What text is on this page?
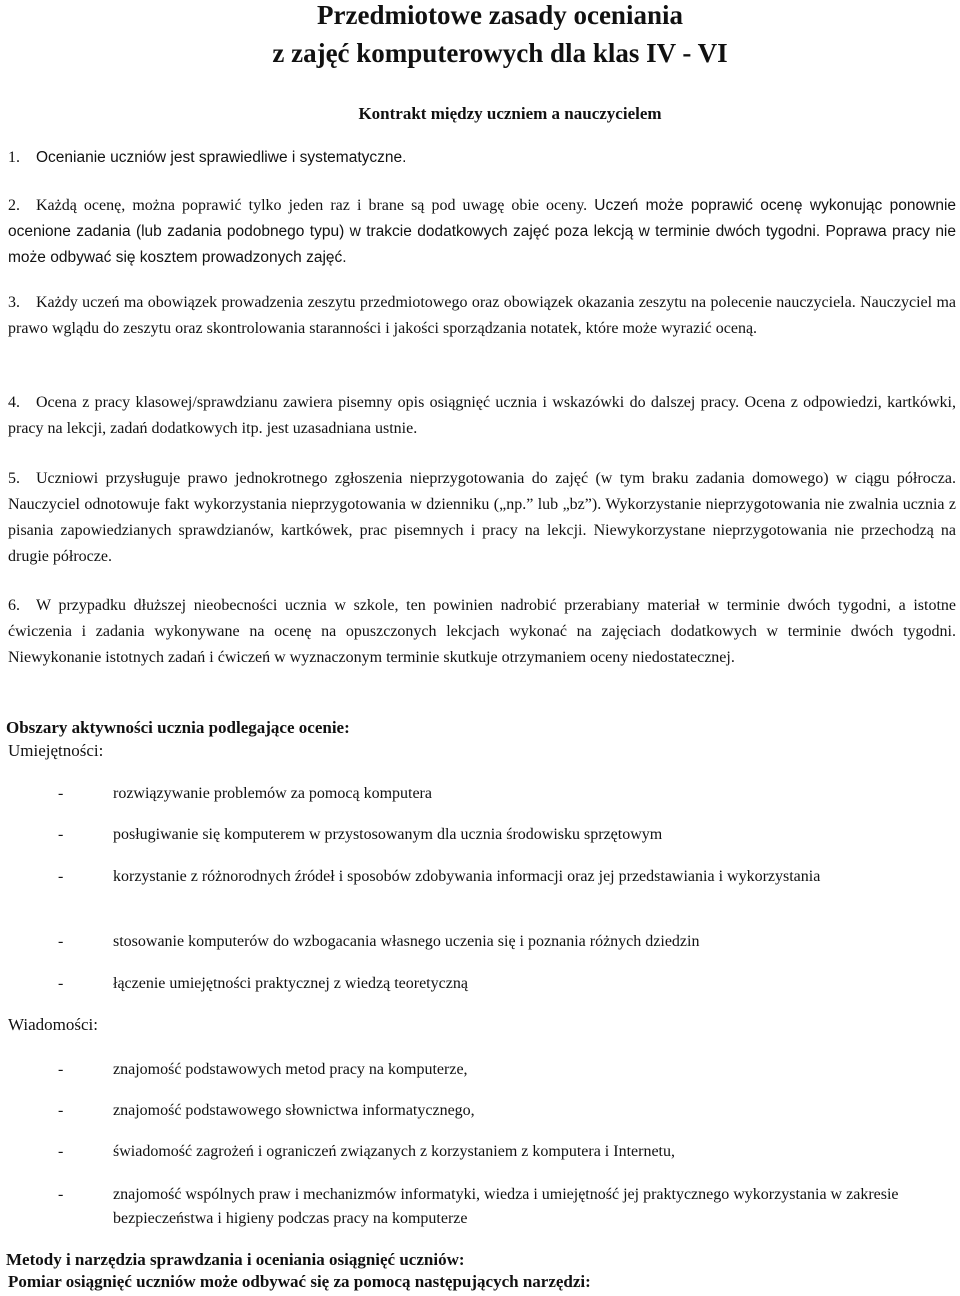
Przedmiotowe zasady oceniania
z zajęć komputerowych dla klas IV - VI
Kontrakt między uczniem a nauczycielem
1. Ocenianie uczniów jest sprawiedliwe i systematyczne.
2. Każdą ocenę, można poprawić tylko jeden raz i brane są pod uwagę obie oceny. Uczeń może poprawić ocenę wykonując ponownie ocenione zadania (lub zadania podobnego typu) w trakcie dodatkowych zajęć poza lekcją w terminie dwóch tygodni. Poprawa pracy nie może odbywać się kosztem prowadzonych zajęć.
3. Każdy uczeń ma obowiązek prowadzenia zeszytu przedmiotowego oraz obowiązek okazania zeszytu na polecenie nauczyciela. Nauczyciel ma prawo wglądu do zeszytu oraz skontrolowania staranności i jakości sporządzania notatek, które może wyrazić oceną.
4. Ocena z pracy klasowej/sprawdzianu zawiera pisemny opis osiągnięć ucznia i wskazówki do dalszej pracy. Ocena z odpowiedzi, kartkówki, pracy na lekcji, zadań dodatkowych itp. jest uzasadniana ustnie.
5. Uczniowi przysługuje prawo jednokrotnego zgłoszenia nieprzygotowania do zajęć (w tym braku zadania domowego) w ciągu półrocza. Nauczyciel odnotowuje fakt wykorzystania nieprzygotowania w dzienniku („np.” lub „bz”). Wykorzystanie nieprzygotowania nie zwalnia ucznia z pisania zapowiedzianych sprawdzianów, kartkówek, prac pisemnych i pracy na lekcji. Niewykorzystane nieprzygotowania nie przechodzą na drugie półrocze.
6. W przypadku dłuższej nieobecności ucznia w szkole, ten powinien nadrobić przerabiany materiał w terminie dwóch tygodni, a istotne ćwiczenia i zadania wykonywane na ocenę na opuszczonych lekcjach wykonać na zajęciach dodatkowych w terminie dwóch tygodni. Niewykonanie istotnych zadań i ćwiczeń w wyznaczonym terminie skutkuje otrzymaniem oceny niedostatecznej.
Obszary aktywności ucznia podlegające ocenie:
Umiejętności:
-	rozwiązywanie problemów za pomocą komputera
-	posługiwanie się komputerem w przystosowanym dla ucznia środowisku sprzętowym
-	korzystanie z różnorodnych źródeł i sposobów zdobywania informacji oraz jej przedstawiania i wykorzystania
-	stosowanie komputerów do wzbogacania własnego uczenia się i poznania różnych dziedzin
-	łączenie umiejętności praktycznej z wiedzą teoretyczną
Wiadomości:
-	znajomość podstawowych metod pracy na komputerze,
-	znajomość podstawowego słownictwa informatycznego,
-	świadomość zagrożeń i ograniczeń związanych z korzystaniem z komputera i Internetu,
-	znajomość wspólnych praw i mechanizmów informatyki, wiedza i umiejętność jej praktycznego wykorzystania w zakresie bezpieczeństwa i higieny podczas pracy na komputerze
Metody i narzędzia sprawdzania i oceniania osiągnięć uczniów:
Pomiar osiągnięć uczniów może odbywać się za pomocą następujących narzędzi:
